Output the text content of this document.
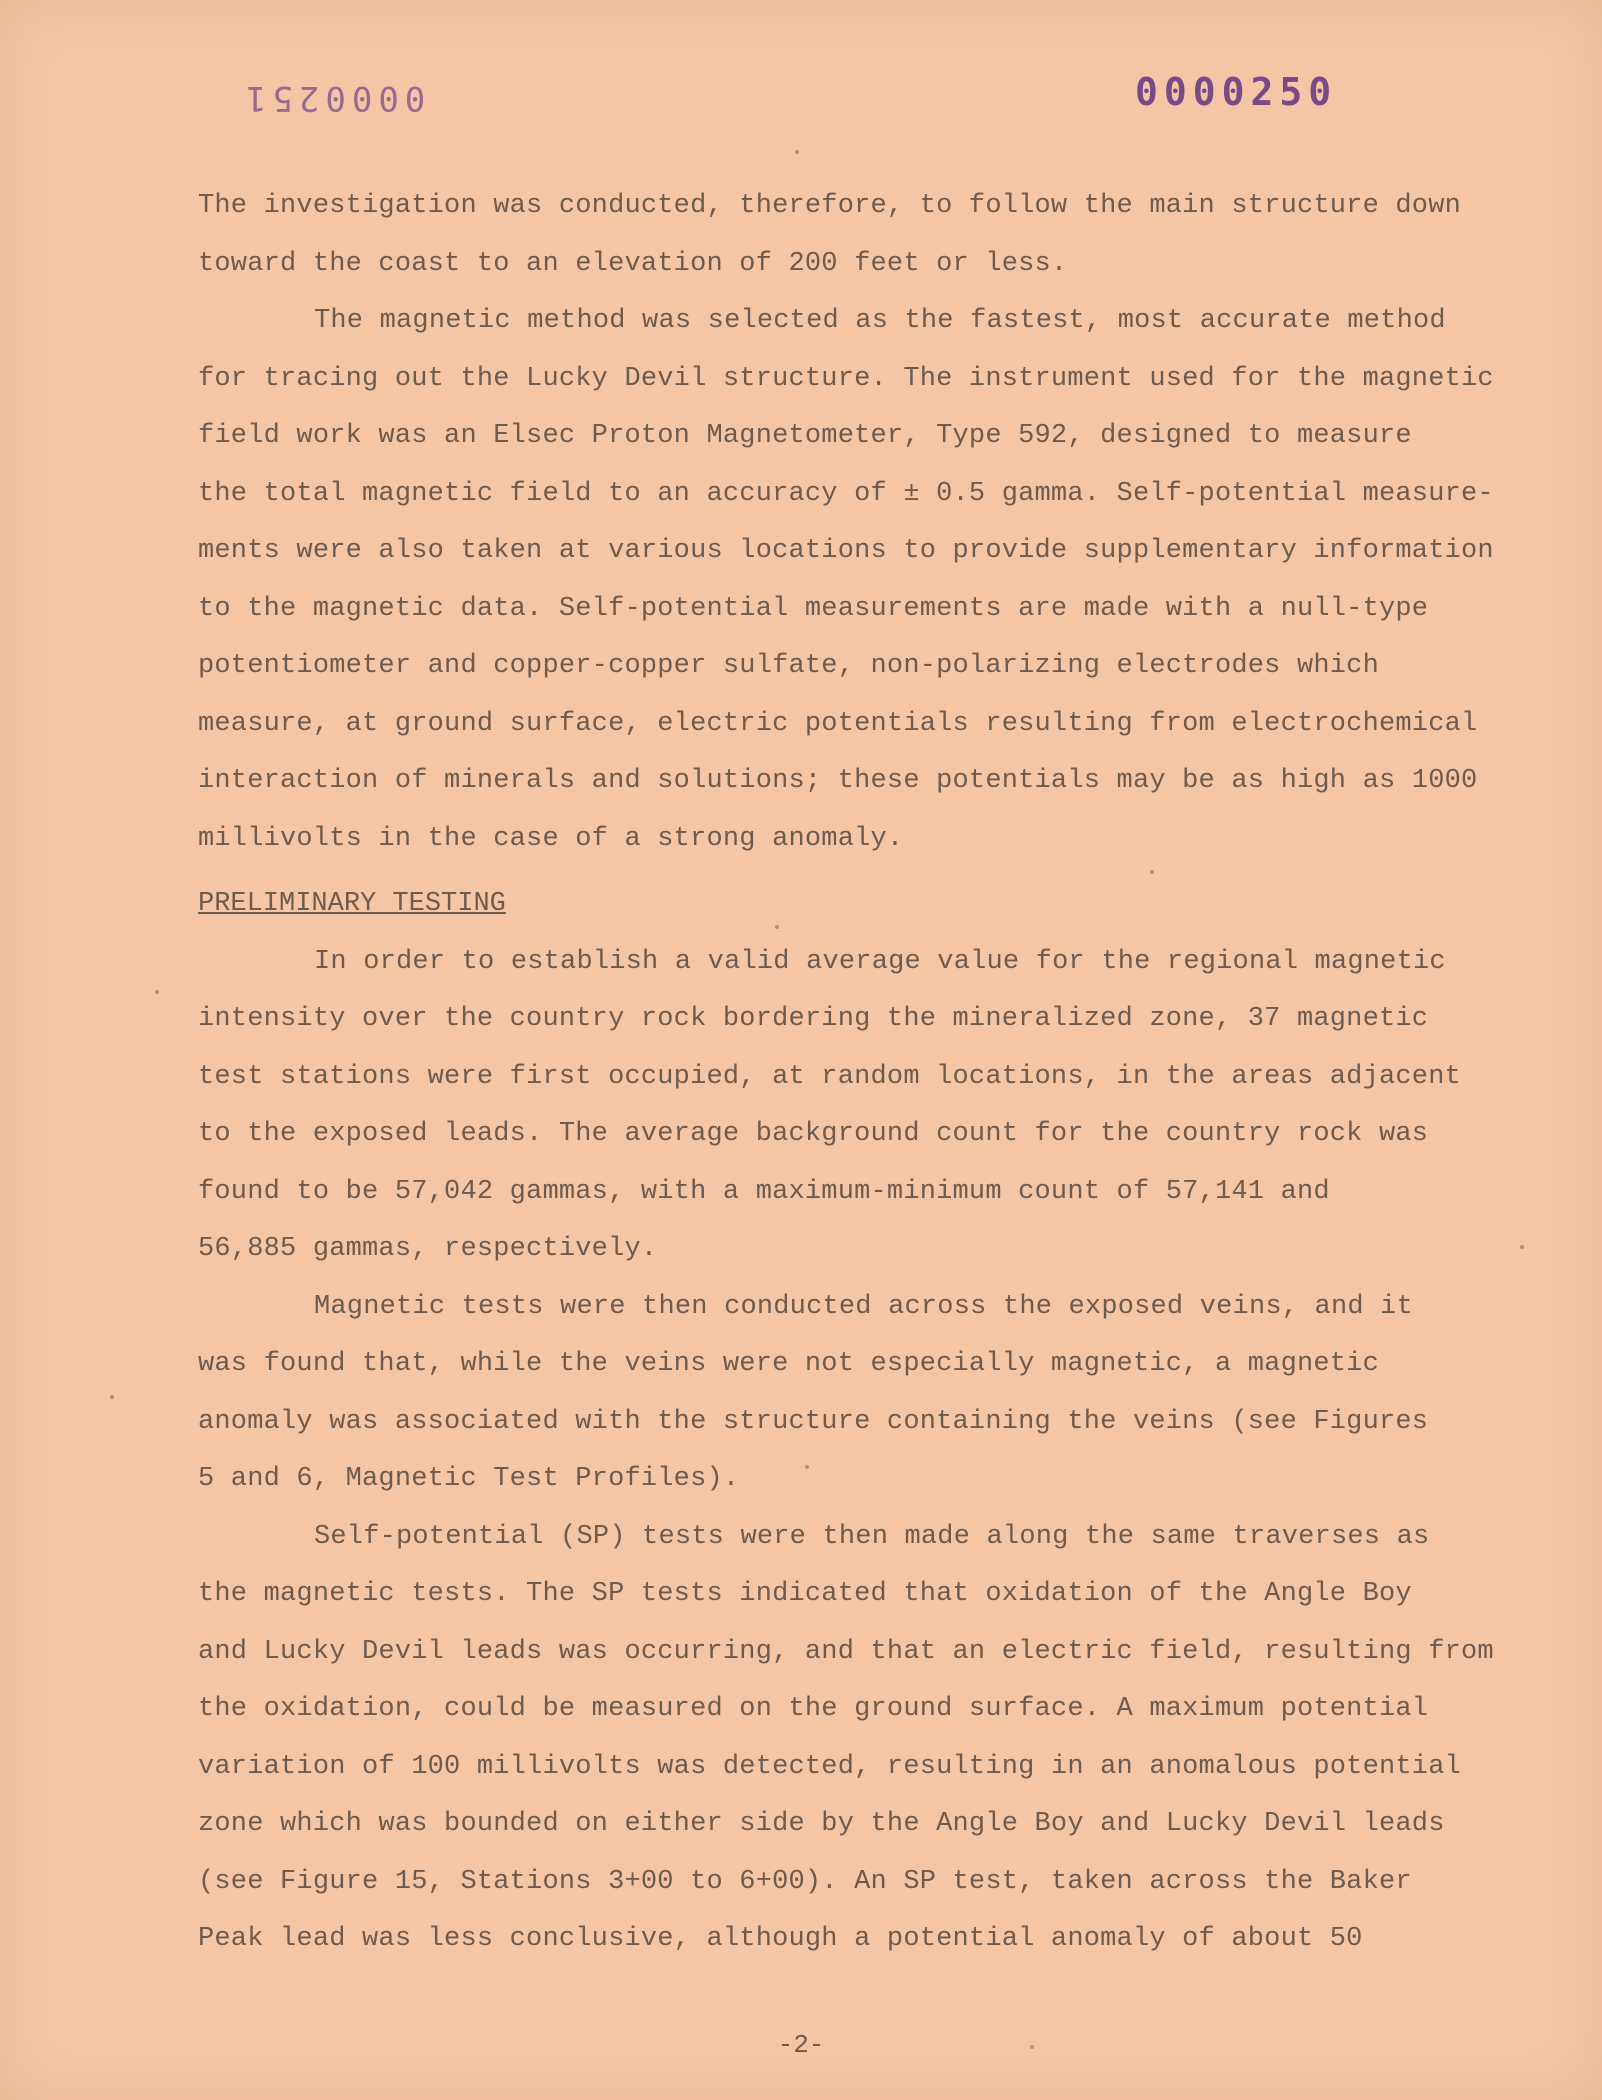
0000251	0000250
The investigation was conducted, therefore, to follow the main structure down
toward the coast to an elevation of 200 feet or less.
The magnetic method was selected as the fastest, most accurate method
for tracing out the Lucky Devil structure. The instrument used for the magnetic
field work was an Elsec Proton Magnetometer, Type 592, designed to measure
the total magnetic field to an accuracy of ± 0.5 gamma. Self-potential measure-
ments were also taken at various locations to provide supplementary information
to the magnetic data. Self-potential measurements are made with a null-type
potentiometer and copper-copper sulfate, non-polarizing electrodes which
measure, at ground surface, electric potentials resulting from electrochemical
interaction of minerals and solutions; these potentials may be as high as 1000
millivolts in the case of a strong anomaly.
PRELIMINARY TESTING
In order to establish a valid average value for the regional magnetic
intensity over the country rock bordering the mineralized zone, 37 magnetic
test stations were first occupied, at random locations, in the areas adjacent
to the exposed leads. The average background count for the country rock was
found to be 57,042 gammas, with a maximum-minimum count of 57,141 and
56,885 gammas, respectively.
Magnetic tests were then conducted across the exposed veins, and it
was found that, while the veins were not especially magnetic, a magnetic
anomaly was associated with the structure containing the veins (see Figures
5 and 6, Magnetic Test Profiles).
Self-potential (SP) tests were then made along the same traverses as
the magnetic tests. The SP tests indicated that oxidation of the Angle Boy
and Lucky Devil leads was occurring, and that an electric field, resulting from
the oxidation, could be measured on the ground surface. A maximum potential
variation of 100 millivolts was detected, resulting in an anomalous potential
zone which was bounded on either side by the Angle Boy and Lucky Devil leads
(see Figure 15, Stations 3+00 to 6+00). An SP test, taken across the Baker
Peak lead was less conclusive, although a potential anomaly of about 50
-2-
